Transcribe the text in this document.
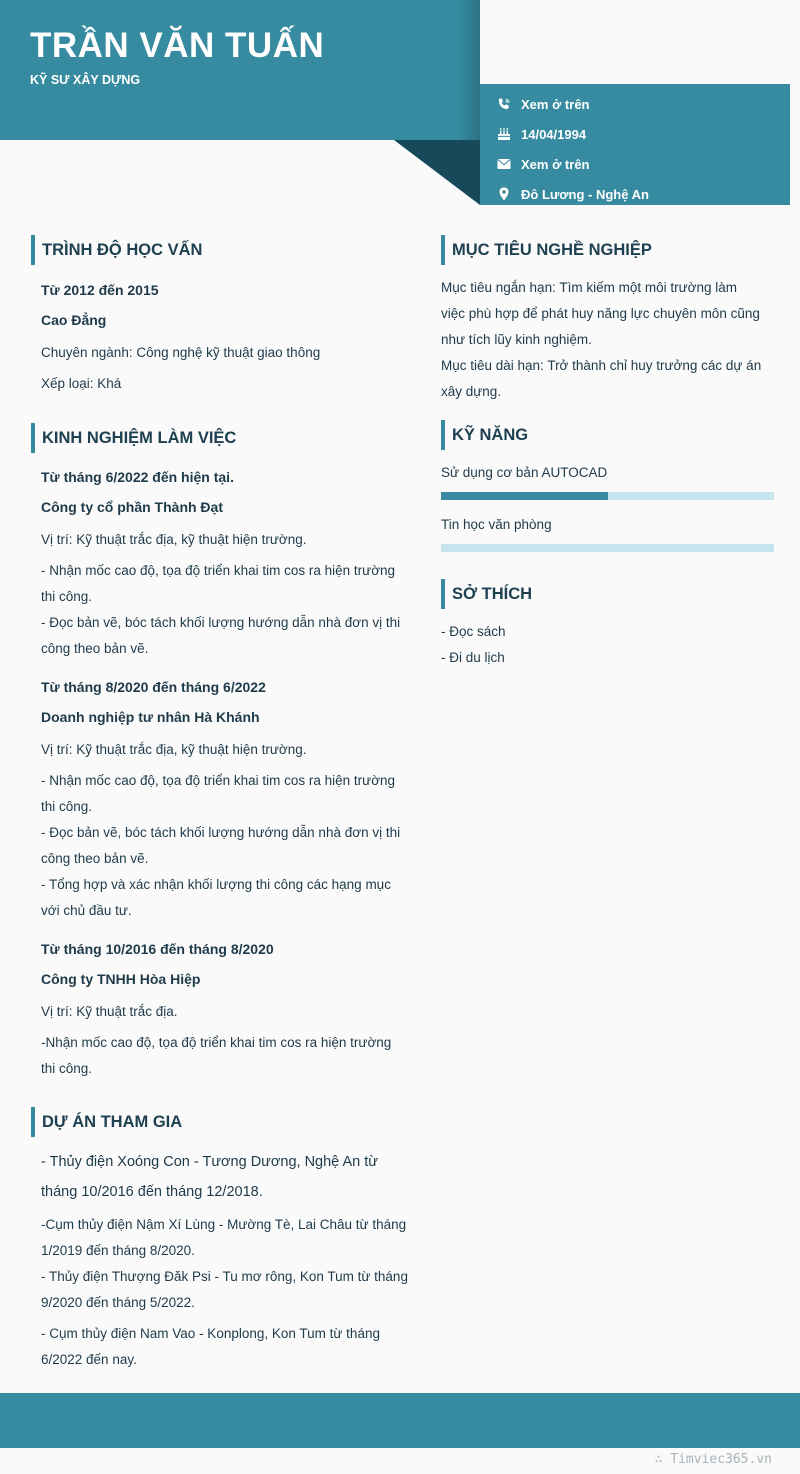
TRẦN VĂN TUẤN
KỸ SƯ XÂY DỰNG
Xem ở trên
14/04/1994
Xem ở trên
Đô Lương - Nghệ An
TRÌNH ĐỘ HỌC VẤN
Từ 2012 đến 2015
Cao Đẳng
Chuyên ngành: Công nghệ kỹ thuật giao thông
Xếp loại: Khá
KINH NGHIỆM LÀM VIỆC
Từ tháng 6/2022 đến hiện tại.
Công ty cổ phần Thành Đạt
Vị trí: Kỹ thuật trắc địa, kỹ thuật hiện trường.
- Nhận mốc cao độ, tọa độ triển khai tim cos ra hiện trường
thi công.
- Đọc bản vẽ, bóc tách khối lượng hướng dẫn nhà đơn vị thi
công theo bản vẽ.
Từ tháng 8/2020 đến tháng 6/2022
Doanh nghiệp tư nhân Hà Khánh
Vị trí: Kỹ thuật trắc địa, kỹ thuật hiện trường.
- Nhận mốc cao độ, tọa độ triển khai tim cos ra hiện trường
thi công.
- Đọc bản vẽ, bóc tách khối lượng hướng dẫn nhà đơn vị thi
công theo bản vẽ.
- Tổng hợp và xác nhận khối lượng thi công các hạng mục
với chủ đầu tư.
Từ tháng 10/2016 đến tháng 8/2020
Công ty TNHH Hòa Hiệp
Vị trí: Kỹ thuật trắc địa.
-Nhận mốc cao độ, tọa độ triển khai tim cos ra hiện trường
thi công.
DỰ ÁN THAM GIA
- Thủy điện Xoóng Con - Tương Dương, Nghệ An từ
tháng 10/2016 đến tháng 12/2018.
-Cụm thủy điện Nậm Xí Lùng - Mường Tè, Lai Châu từ tháng
1/2019 đến tháng 8/2020.
- Thủy điện Thượng Đăk Psi - Tu mơ rông, Kon Tum từ tháng
9/2020 đến tháng 5/2022.
- Cụm thủy điện Nam Vao - Konplong, Kon Tum từ tháng
6/2022 đến nay.
MỤC TIÊU NGHỀ NGHIỆP
Mục tiêu ngắn hạn: Tìm kiếm một môi trường làm
việc phù hợp để phát huy năng lực chuyên môn cũng
như tích lũy kinh nghiệm.
Mục tiêu dài hạn: Trở thành chỉ huy trưởng các dự án
xây dựng.
KỸ NĂNG
Sử dụng cơ bản AUTOCAD
Tin học văn phòng
SỞ THÍCH
- Đọc sách
- Đi du lịch
∴ Timviec365.vn
